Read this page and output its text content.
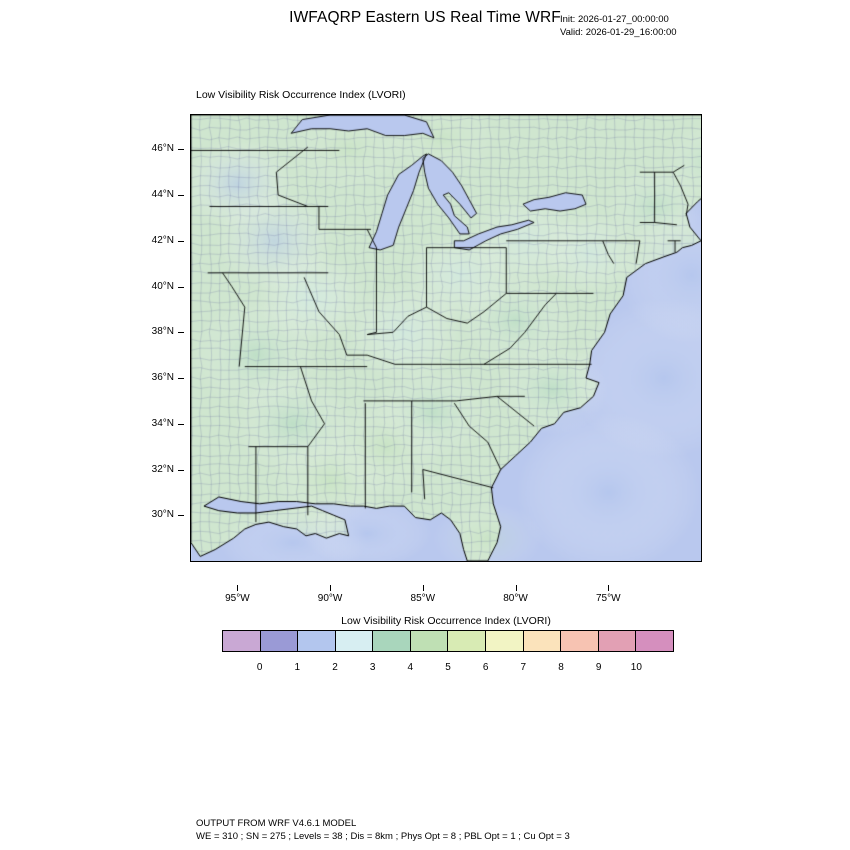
IWFAQRP Eastern US Real Time WRF Init: 2026-01-27_00:00:00
Valid: 2026-01-29_16:00:00
Low Visibility Risk Occurrence Index (LVORI)
30°N
32°N
34°N
36°N
38°N
40°N
42°N
44°N
46°N
95°W	90°W	85°W	80°W	75°W
Low Visibility Risk Occurrence Index (LVORI)
0	1	2	3	4	5	6	7	8	9	10
OUTPUT FROM WRF V4.6.1 MODEL
WE = 310 ; SN = 275 ; Levels = 38 ; Dis = 8km ; Phys Opt = 8 ; PBL Opt = 1 ; Cu Opt = 3
